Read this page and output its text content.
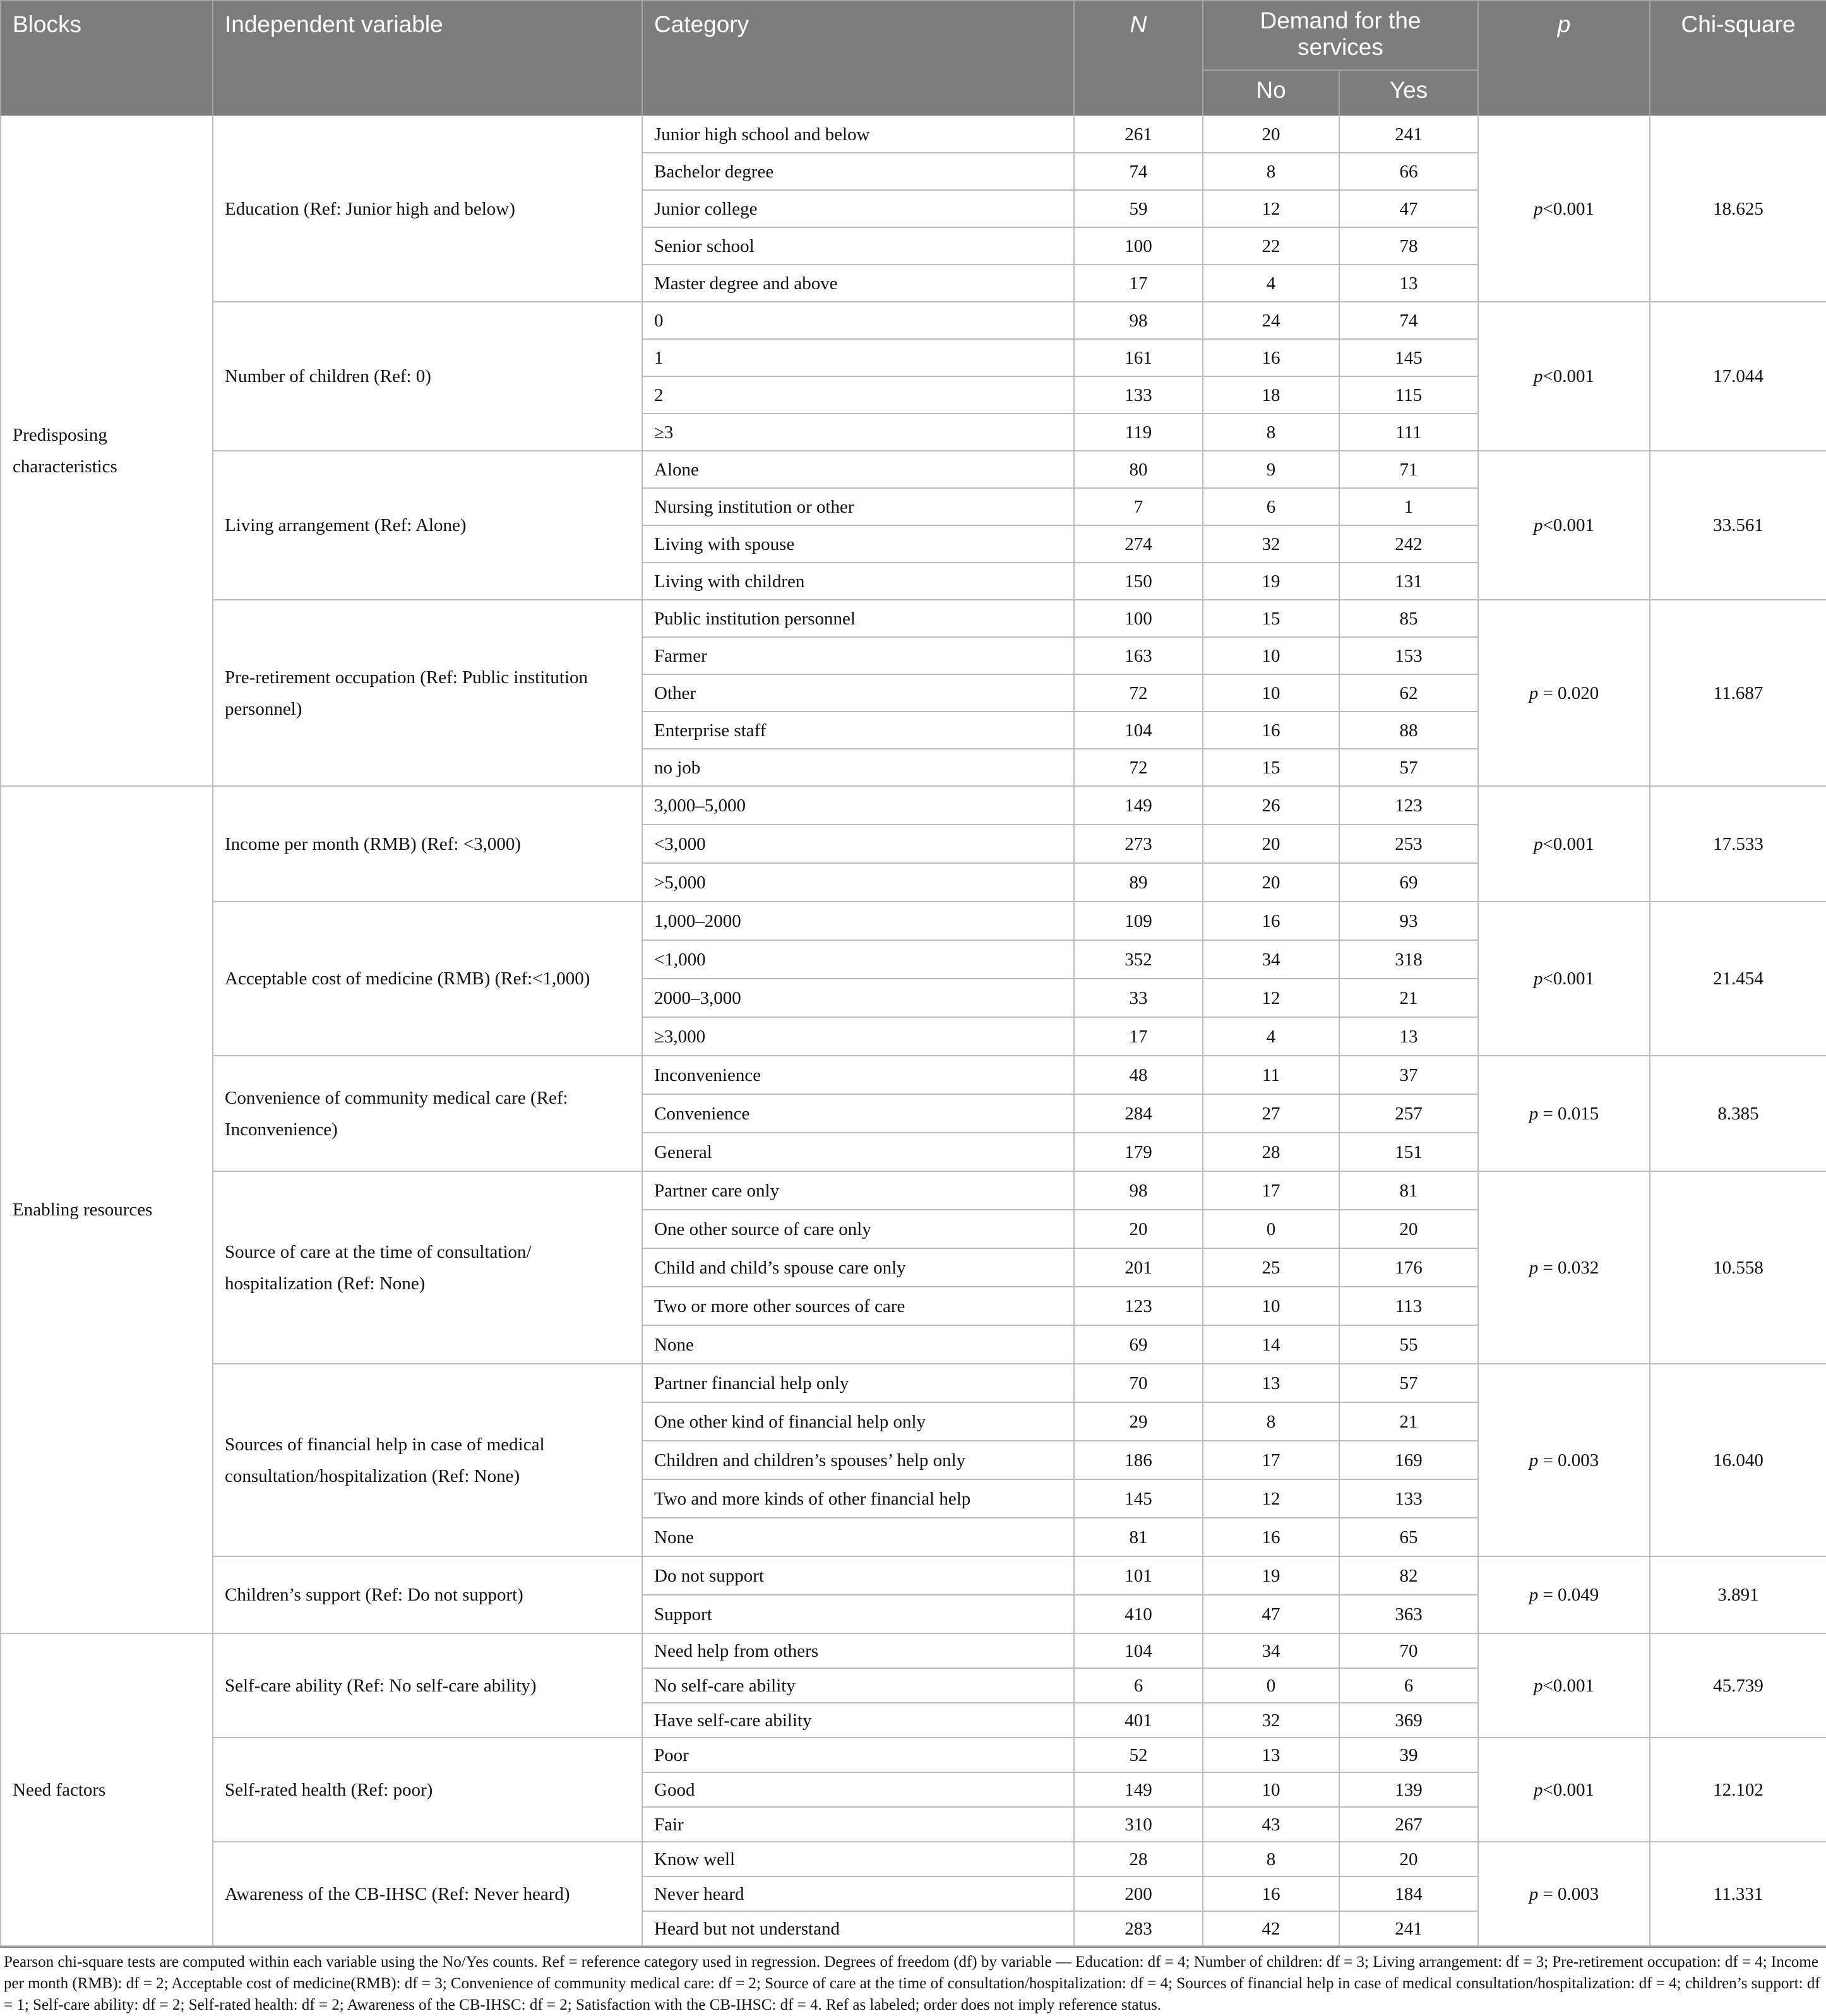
Blocks	Independent variable	Category	N	Demand for the services		p	Chi-square
				No	Yes		
Predisposing characteristics	Education (Ref: Junior high and below)	Junior high school and below	261	20	241	p<0.001	18.625
		Bachelor degree	74	8	66		
		Junior college	59	12	47		
		Senior school	100	22	78		
		Master degree and above	17	4	13		
	Number of children (Ref: 0)	0	98	24	74	p<0.001	17.044
		1	161	16	145		
		2	133	18	115		
		≥3	119	8	111		
	Living arrangement (Ref: Alone)	Alone	80	9	71	p<0.001	33.561
		Nursing institution or other	7	6	1		
		Living with spouse	274	32	242		
		Living with children	150	19	131		
	Pre-retirement occupation (Ref: Public institution personnel)	Public institution personnel	100	15	85	p = 0.020	11.687
		Farmer	163	10	153		
		Other	72	10	62		
		Enterprise staff	104	16	88		
		no job	72	15	57		
Enabling resources	Income per month (RMB) (Ref: <3,000)	3,000–5,000	149	26	123	p<0.001	17.533
		<3,000	273	20	253		
		>5,000	89	20	69		
	Acceptable cost of medicine (RMB) (Ref:<1,000)	1,000–2000	109	16	93	p<0.001	21.454
		<1,000	352	34	318		
		2000–3,000	33	12	21		
		≥3,000	17	4	13		
	Convenience of community medical care (Ref: Inconvenience)	Inconvenience	48	11	37	p = 0.015	8.385
		Convenience	284	27	257		
		General	179	28	151		
	Source of care at the time of consultation/ hospitalization (Ref: None)	Partner care only	98	17	81	p = 0.032	10.558
		One other source of care only	20	0	20		
		Child and child’s spouse care only	201	25	176		
		Two or more other sources of care	123	10	113		
		None	69	14	55		
	Sources of financial help in case of medical consultation/hospitalization (Ref: None)	Partner financial help only	70	13	57	p = 0.003	16.040
		One other kind of financial help only	29	8	21		
		Children and children’s spouses’ help only	186	17	169		
		Two and more kinds of other financial help	145	12	133		
		None	81	16	65		
	Children’s support (Ref: Do not support)	Do not support	101	19	82	p = 0.049	3.891
		Support	410	47	363		
Need factors	Self-care ability (Ref: No self-care ability)	Need help from others	104	34	70	p<0.001	45.739
		No self-care ability	6	0	6		
		Have self-care ability	401	32	369		
	Self-rated health (Ref: poor)	Poor	52	13	39	p<0.001	12.102
		Good	149	10	139		
		Fair	310	43	267		
	Awareness of the CB-IHSC (Ref: Never heard)	Know well	28	8	20	p = 0.003	11.331
		Never heard	200	16	184		
		Heard but not understand	283	42	241		
Pearson chi-square tests are computed within each variable using the No/Yes counts. Ref = reference category used in regression. Degrees of freedom (df) by variable — Education: df = 4; Number of children: df = 3; Living arrangement: df = 3; Pre-retirement occupation: df = 4; Income per month (RMB): df = 2; Acceptable cost of medicine(RMB): df = 3; Convenience of community medical care: df = 2; Source of care at the time of consultation/hospitalization: df = 4; Sources of financial help in case of medical consultation/hospitalization: df = 4; children’s support: df = 1; Self-care ability: df = 2; Self-rated health: df = 2; Awareness of the CB-IHSC: df = 2; Satisfaction with the CB-IHSC: df = 4. Ref as labeled; order does not imply reference status.
